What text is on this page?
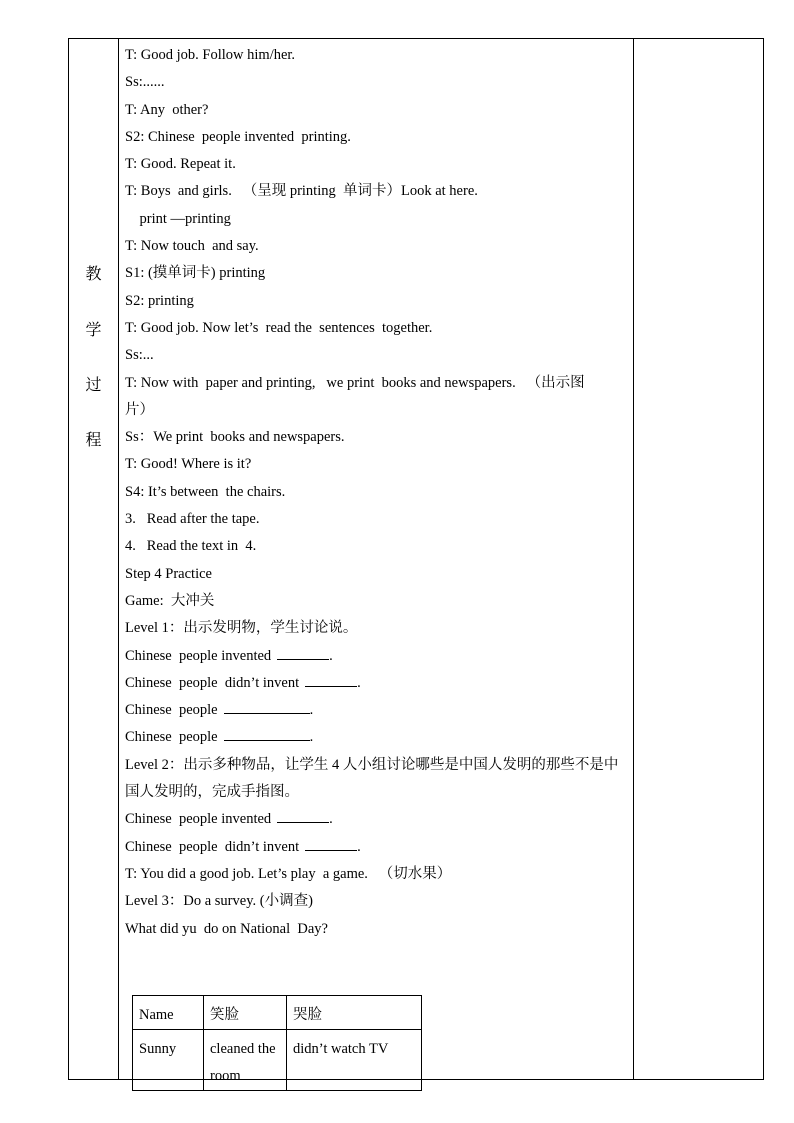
教
学
过
程
T: Good job. Follow him/her.
Ss:......
T: Any  other?
S2: Chinese  people invented  printing.
T: Good. Repeat it.
T: Boys  and girls.   （呈现 printing  单词卡）Look at here.
print —printing
T: Now touch  and say.
S1: (摸单词卡) printing
S2: printing
T: Good job. Now let’s  read the  sentences  together.
Ss:...
T: Now with  paper and printing,   we print  books and newspapers.   （出示图
片）
Ss：We print  books and newspapers.
T: Good! Where is it?
S4: It’s between  the chairs.
3.   Read after the tape.
4.   Read the text in  4.
Step 4 Practice
Game:  大冲关
Level 1：出示发明物，学生讨论说。
Chinese  people invented	.
Chinese  people  didn’t invent	.
Chinese  people	.
Chinese  people	.
Level 2：出示多种物品，让学生 4 人小组讨论哪些是中国人发明的那些不是中国人发明的，完成手指图。
Chinese  people invented	.
Chinese  people  didn’t invent	.
T: You did a good job. Let’s play  a game.   （切水果）
Level 3：Do a survey. (小调查)
What did yu  do on National  Day?
Name	笑脸	哭脸
Sunny	cleaned the room	didn’t watch TV
